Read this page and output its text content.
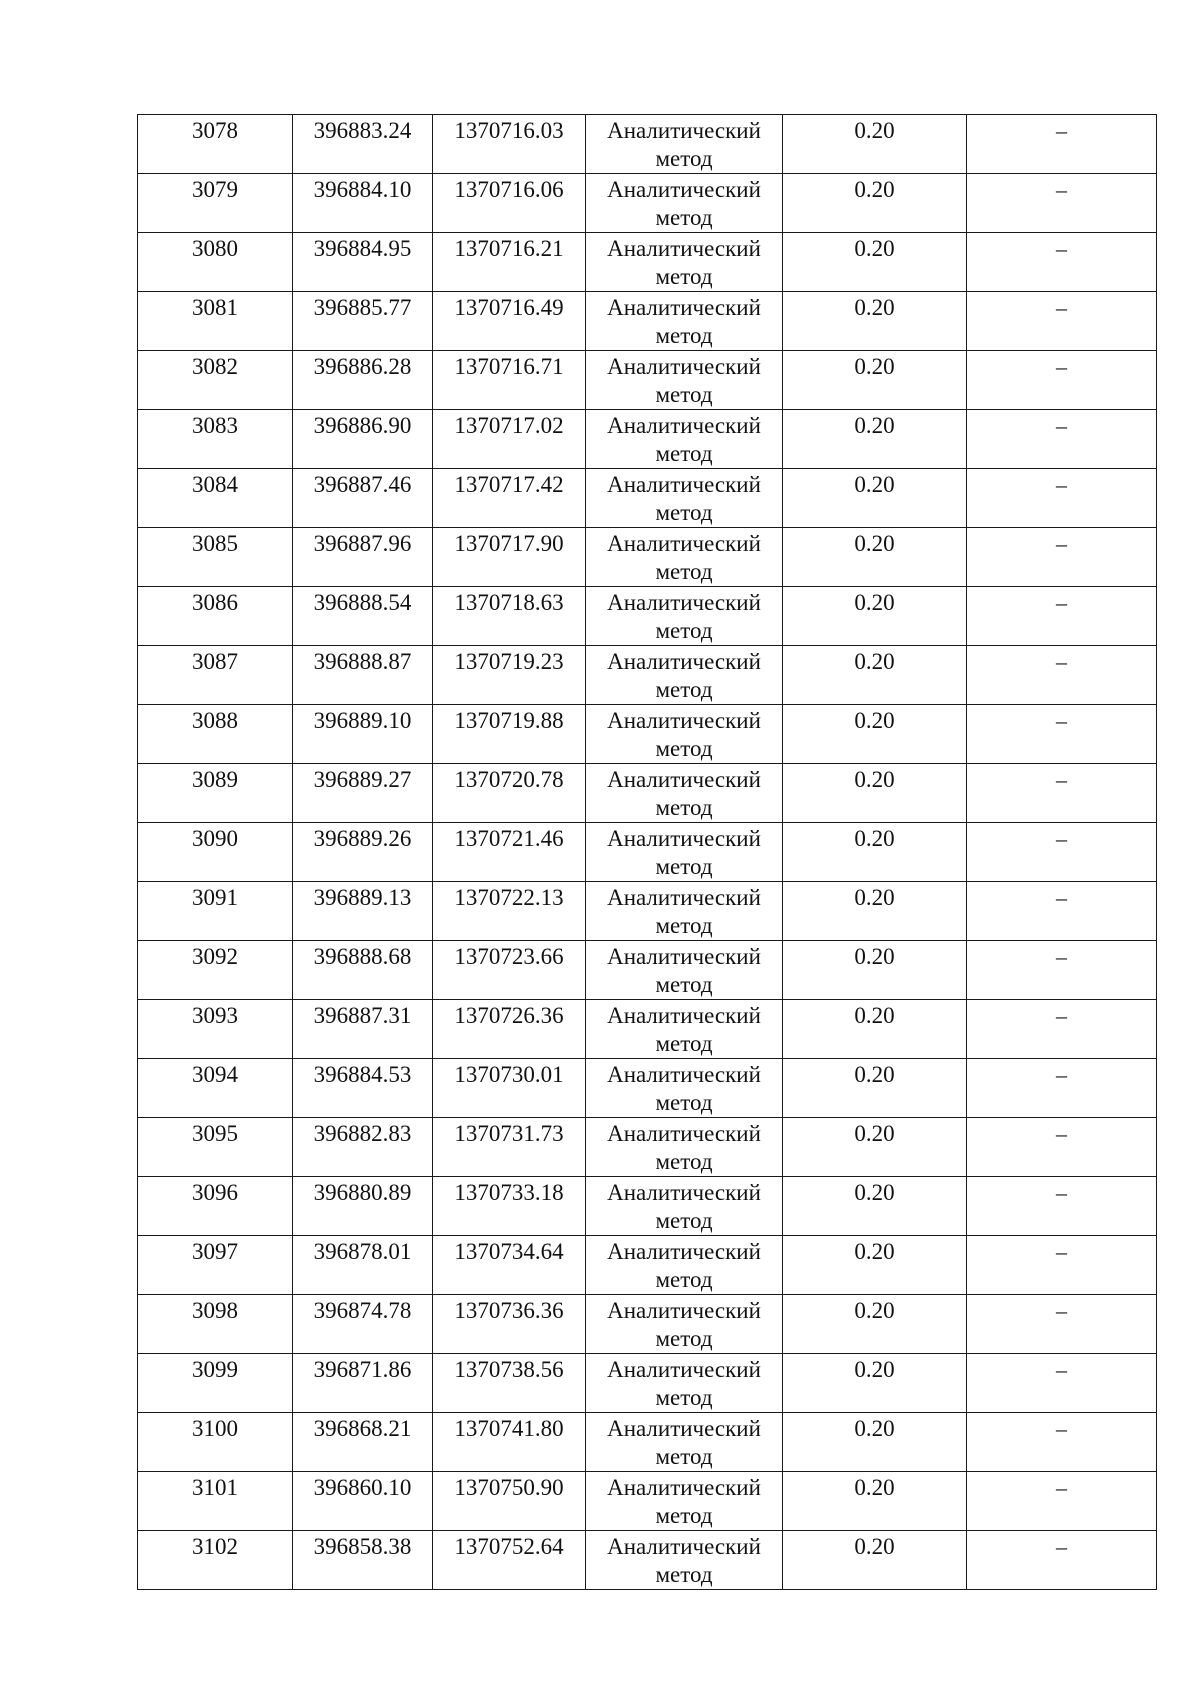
3078	396883.24	1370716.03	Аналитический
метод	0.20	–
3079	396884.10	1370716.06	Аналитический
метод	0.20	–
3080	396884.95	1370716.21	Аналитический
метод	0.20	–
3081	396885.77	1370716.49	Аналитический
метод	0.20	–
3082	396886.28	1370716.71	Аналитический
метод	0.20	–
3083	396886.90	1370717.02	Аналитический
метод	0.20	–
3084	396887.46	1370717.42	Аналитический
метод	0.20	–
3085	396887.96	1370717.90	Аналитический
метод	0.20	–
3086	396888.54	1370718.63	Аналитический
метод	0.20	–
3087	396888.87	1370719.23	Аналитический
метод	0.20	–
3088	396889.10	1370719.88	Аналитический
метод	0.20	–
3089	396889.27	1370720.78	Аналитический
метод	0.20	–
3090	396889.26	1370721.46	Аналитический
метод	0.20	–
3091	396889.13	1370722.13	Аналитический
метод	0.20	–
3092	396888.68	1370723.66	Аналитический
метод	0.20	–
3093	396887.31	1370726.36	Аналитический
метод	0.20	–
3094	396884.53	1370730.01	Аналитический
метод	0.20	–
3095	396882.83	1370731.73	Аналитический
метод	0.20	–
3096	396880.89	1370733.18	Аналитический
метод	0.20	–
3097	396878.01	1370734.64	Аналитический
метод	0.20	–
3098	396874.78	1370736.36	Аналитический
метод	0.20	–
3099	396871.86	1370738.56	Аналитический
метод	0.20	–
3100	396868.21	1370741.80	Аналитический
метод	0.20	–
3101	396860.10	1370750.90	Аналитический
метод	0.20	–
3102	396858.38	1370752.64	Аналитический
метод	0.20	–
